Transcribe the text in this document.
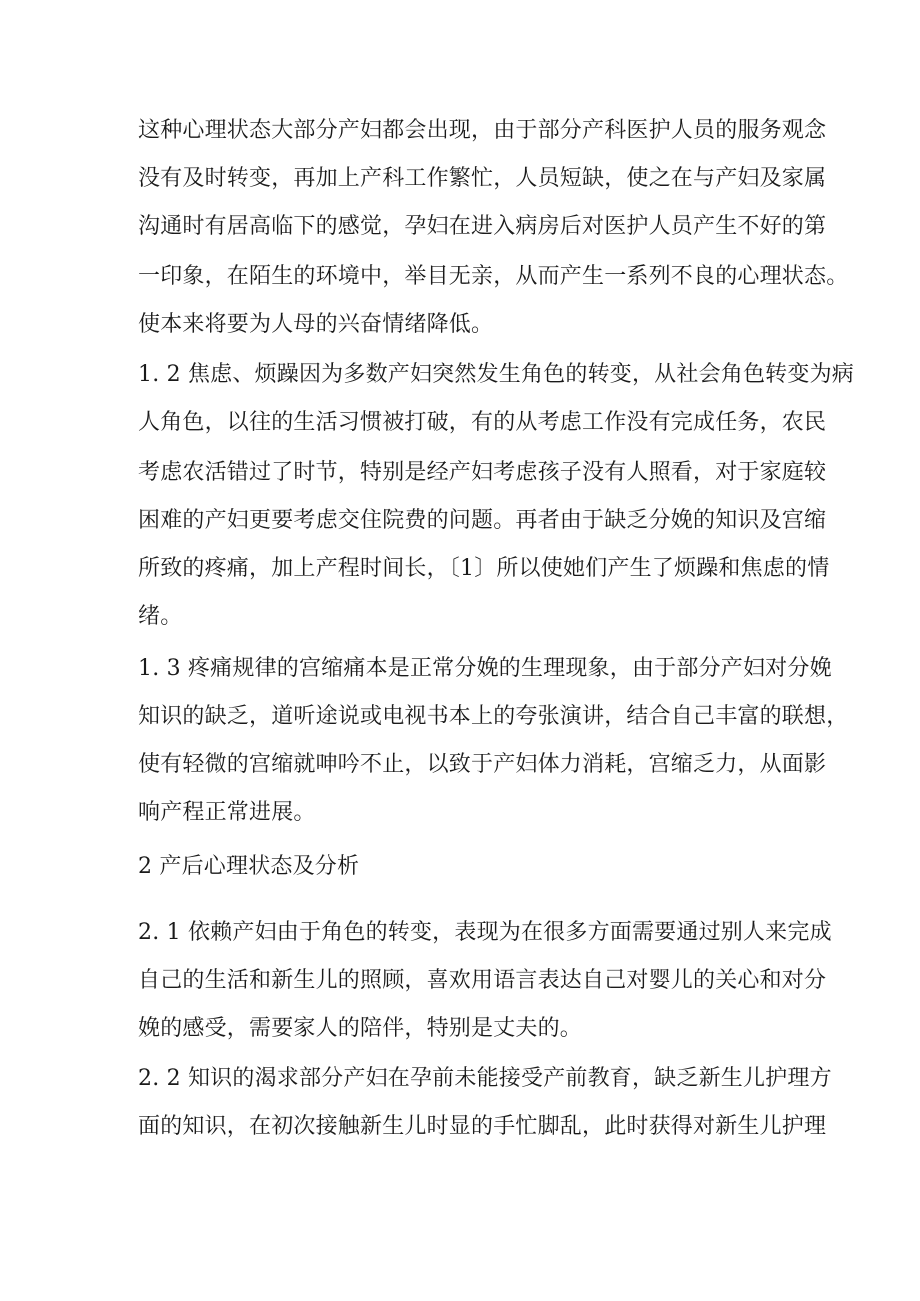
这种心理状态大部分产妇都会出现，由于部分产科医护人员的服务观念
没有及时转变，再加上产科工作繁忙，人员短缺，使之在与产妇及家属
沟通时有居高临下的感觉，孕妇在进入病房后对医护人员产生不好的第
一印象，在陌生的环境中，举目无亲，从而产生一系列不良的心理状态。
使本来将要为人母的兴奋情绪降低。
1. 2 焦虑、烦躁因为多数产妇突然发生角色的转变，从社会角色转变为病
人角色，以往的生活习惯被打破，有的从考虑工作没有完成任务，农民
考虑农活错过了时节，特别是经产妇考虑孩子没有人照看，对于家庭较
困难的产妇更要考虑交住院费的问题。再者由于缺乏分娩的知识及宫缩
所致的疼痛，加上产程时间长，〔1〕所以使她们产生了烦躁和焦虑的情
绪。
1. 3 疼痛规律的宫缩痛本是正常分娩的生理现象，由于部分产妇对分娩
知识的缺乏，道听途说或电视书本上的夸张演讲，结合自己丰富的联想，
使有轻微的宫缩就呻吟不止，以致于产妇体力消耗，宫缩乏力，从面影
响产程正常进展。
2 产后心理状态及分析
2. 1 依赖产妇由于角色的转变，表现为在很多方面需要通过别人来完成
自己的生活和新生儿的照顾，喜欢用语言表达自己对婴儿的关心和对分
娩的感受，需要家人的陪伴，特别是丈夫的。
2. 2 知识的渴求部分产妇在孕前未能接受产前教育，缺乏新生儿护理方
面的知识，在初次接触新生儿时显的手忙脚乱，此时获得对新生儿护理
